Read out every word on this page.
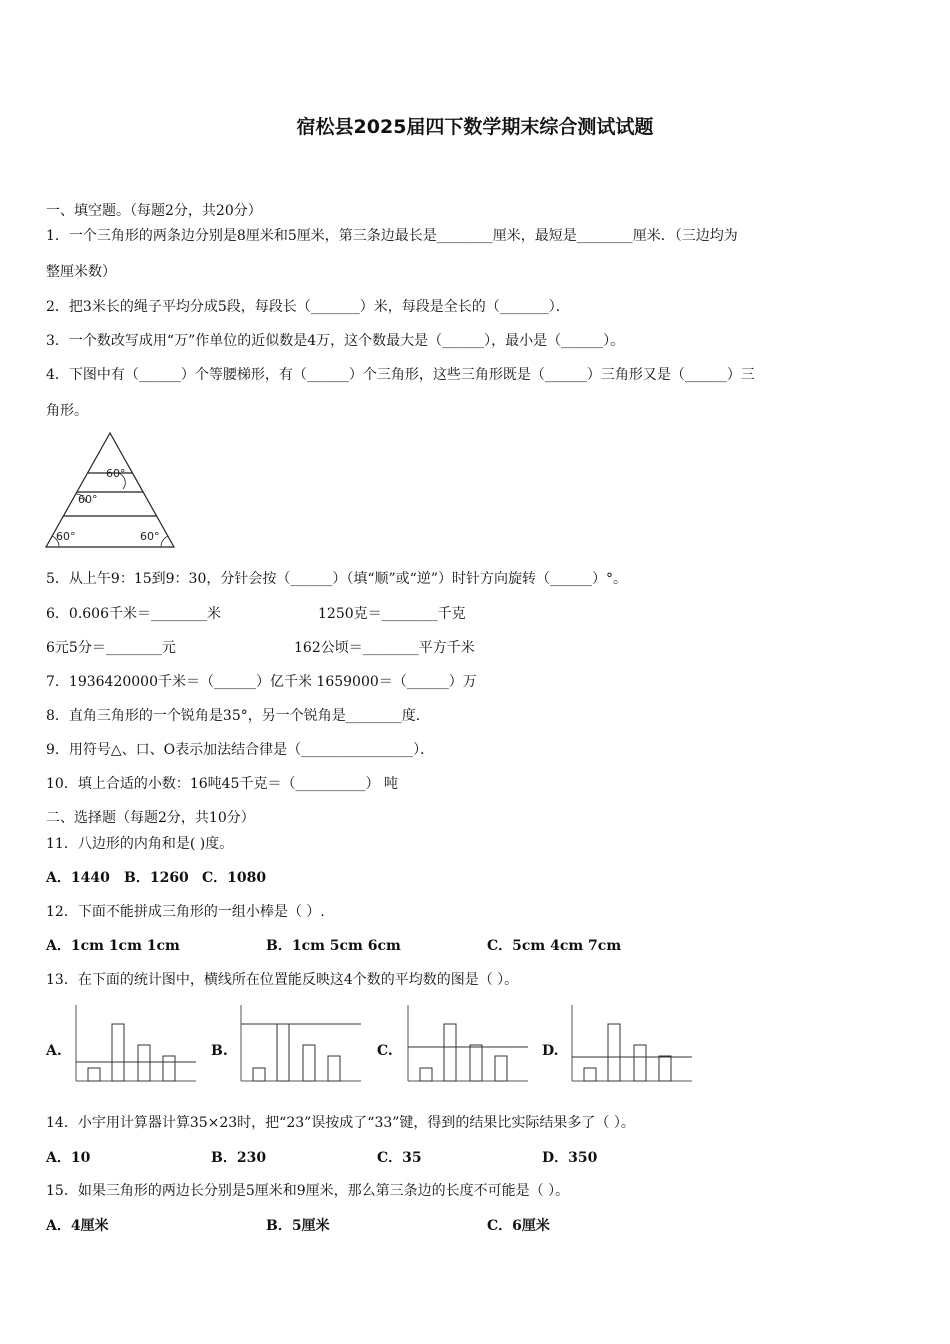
宿松县2025届四下数学期末综合测试试题
一、填空题。（每题2分，共20分）
1．一个三角形的两条边分别是8厘米和5厘米，第三条边最长是________厘米，最短是________厘米．（三边均为
整厘米数）
2．把3米长的绳子平均分成5段，每段长（_______）米，每段是全长的（_______）．
3．一个数改写成用“万”作单位的近似数是4万，这个数最大是（______），最小是（______）。
4．下图中有（______）个等腰梯形，有（______）个三角形，这些三角形既是（______）三角形又是（______）三
角形。
60°
60°
60°	60°
5．从上午9：15到9：30，分针会按（______）（填“顺”或“逆”）时针方向旋转（______）°。
6．0.606千米＝________米	1250克＝________千克
6元5分＝________元	162公顷＝________平方千米
7．1936420000千米＝（______）亿千米 1659000＝（______）万
8．直角三角形的一个锐角是35°，另一个锐角是________度．
9．用符号△、口、O表示加法结合律是（________________）．
10．填上合适的小数：16吨45千克＝（__________） 吨
二、选择题（每题2分，共10分）
11．八边形的内角和是( )度。
A．1440 B．1260 C．1080
12．下面不能拼成三角形的一组小棒是（ ）.
A．1cm 1cm 1cm	B．1cm 5cm 6cm	C．5cm 4cm 7cm
13．在下面的统计图中，横线所在位置能反映这4个数的平均数的图是（ ）。
A.	B.	C.	D.
14．小宇用计算器计算35×23时，把“23”误按成了“33”键，得到的结果比实际结果多了（ ）。
A．10	B．230	C．35	D．350
15．如果三角形的两边长分别是5厘米和9厘米，那么第三条边的长度不可能是（ ）。
A．4厘米	B．5厘米	C．6厘米
